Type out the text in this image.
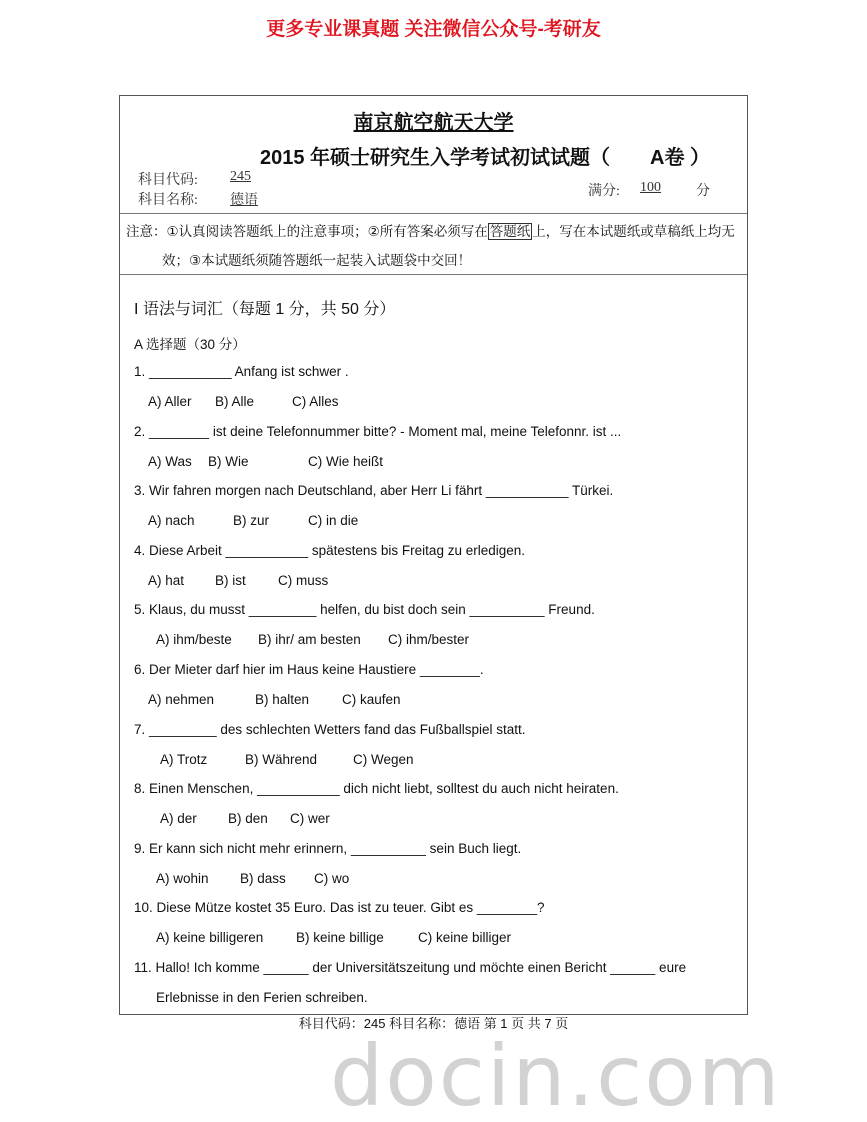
更多专业课真题 关注微信公众号-考研友
南京航空航天大学
2015 年硕士研究生入学考试初试试题（　　A卷 ）
科目代码: 245
科目名称: 德语
满分: 100	分
注意：①认真阅读答题纸上的注意事项；②所有答案必须写在 答题纸 上，写在本试题纸或草稿纸上均无
效；③本试题纸须随答题纸一起装入试题袋中交回！
I 语法与词汇（每题 1 分，共 50 分）
A 选择题（30 分）
1. ___________ Anfang ist schwer .
A) Aller B) Alle	C) Alles
2. ________ ist deine Telefonnummer bitte? - Moment mal, meine Telefonnr. ist ...
A) Was B) Wie	C) Wie heißt
3. Wir fahren morgen nach Deutschland, aber Herr Li fährt ___________ Türkei.
A) nach	B) zur	C) in die
4. Diese Arbeit ___________ spätestens bis Freitag zu erledigen.
A) hat B) ist C) muss
5. Klaus, du musst _________ helfen, du bist doch sein __________ Freund.
A) ihm/beste B) ihr/ am besten C) ihm/bester
6. Der Mieter darf hier im Haus keine Haustiere ________.
A) nehmen	B) halten C) kaufen
7. _________ des schlechten Wetters fand das Fußballspiel statt.
A) Trotz	B) Während	C) Wegen
8. Einen Menschen, ___________ dich nicht liebt, solltest du auch nicht heiraten.
A) der B) den C) wer
9. Er kann sich nicht mehr erinnern, __________ sein Buch liegt.
A) wohin B) dass C) wo
10. Diese Mütze kostet 35 Euro. Das ist zu teuer. Gibt es ________?
A) keine billigeren B) keine billige	C) keine billiger
11. Hallo! Ich komme ______ der Universitätszeitung und möchte einen Bericht ______ eure
Erlebnisse in den Ferien schreiben.
docin.com
科目代码：245 科目名称：德语 第 1 页 共 7 页
